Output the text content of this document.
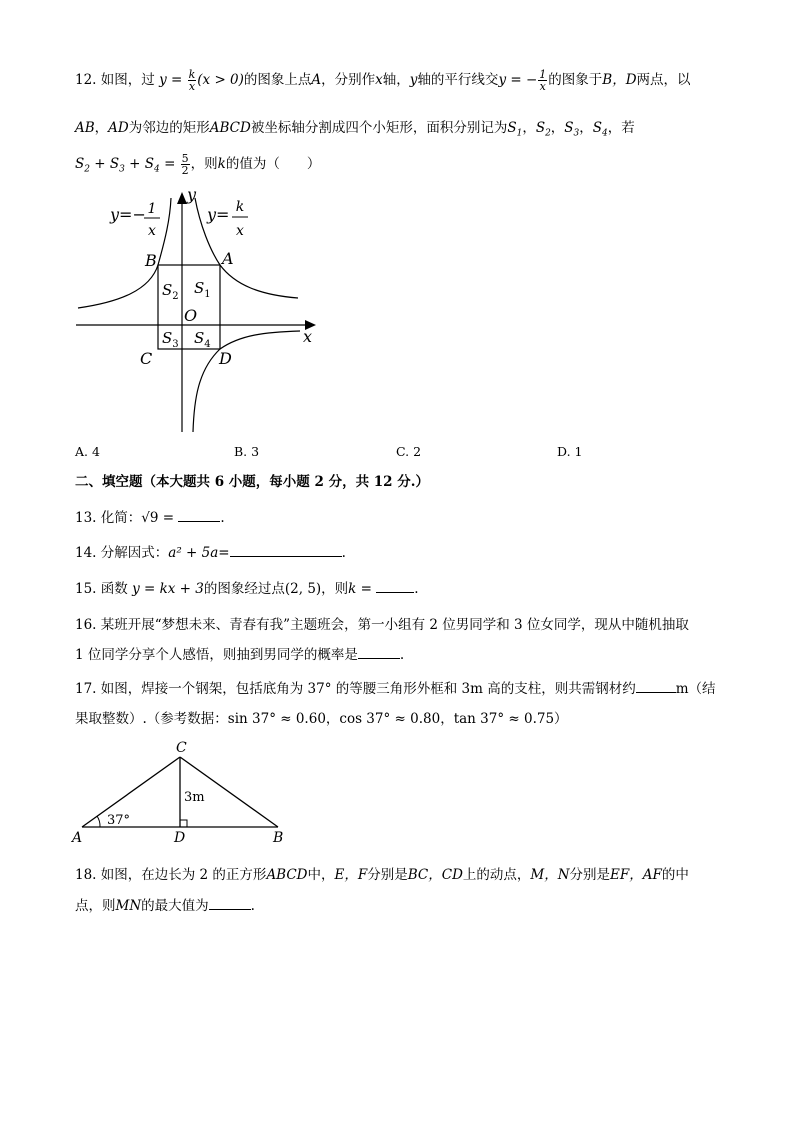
12. 如图，过 $y = \frac{k}{x} (x > 0)$的图象上点A，分别作x轴，y轴的平行线交y = − $\frac{1}{x}$ 的图象于B，D两点，以
AB，AD为邻边的矩形ABCD被坐标轴分割成四个小矩形，面积分别记为$S_1$，$S_2$，$S_3$，$S_4$，若
$S_2 + S_3 + S_4 = \frac{5}{2}$ ，则k的值为（　　）
y=− 1
x
y= k
x
y
x
B	A
C	D
O
$S_2$ $S_1$
$S_3$ $S_4$
A. 4	B. 3	C. 2	D. 1
二、填空题（本大题共 6 小题，每小题 2 分，共 12 分.）
13. 化简：√9 =	.
14. 分解因式：a² + 5a=	.
15. 函数 y = kx + 3的图象经过点(2, 5)，则k =	.
16. 某班开展“梦想未来、青春有我”主题班会，第一小组有 2 位男同学和 3 位女同学，现从中随机抽取
1 位同学分享个人感悟，则抽到男同学的概率是	.
17. 如图，焊接一个钢架，包括底角为 37° 的等腰三角形外框和 3m 高的支柱，则共需钢材约	m（结
果取整数）.（参考数据：sin 37° ≈ 0.60，cos 37° ≈ 0.80，tan 37° ≈ 0.75）
37°
3m
C
A	D	B
18. 如图，在边长为 2 的正方形ABCD中，E，F分别是BC，CD上的动点，M，N分别是EF，AF的中
点，则MN的最大值为	.
